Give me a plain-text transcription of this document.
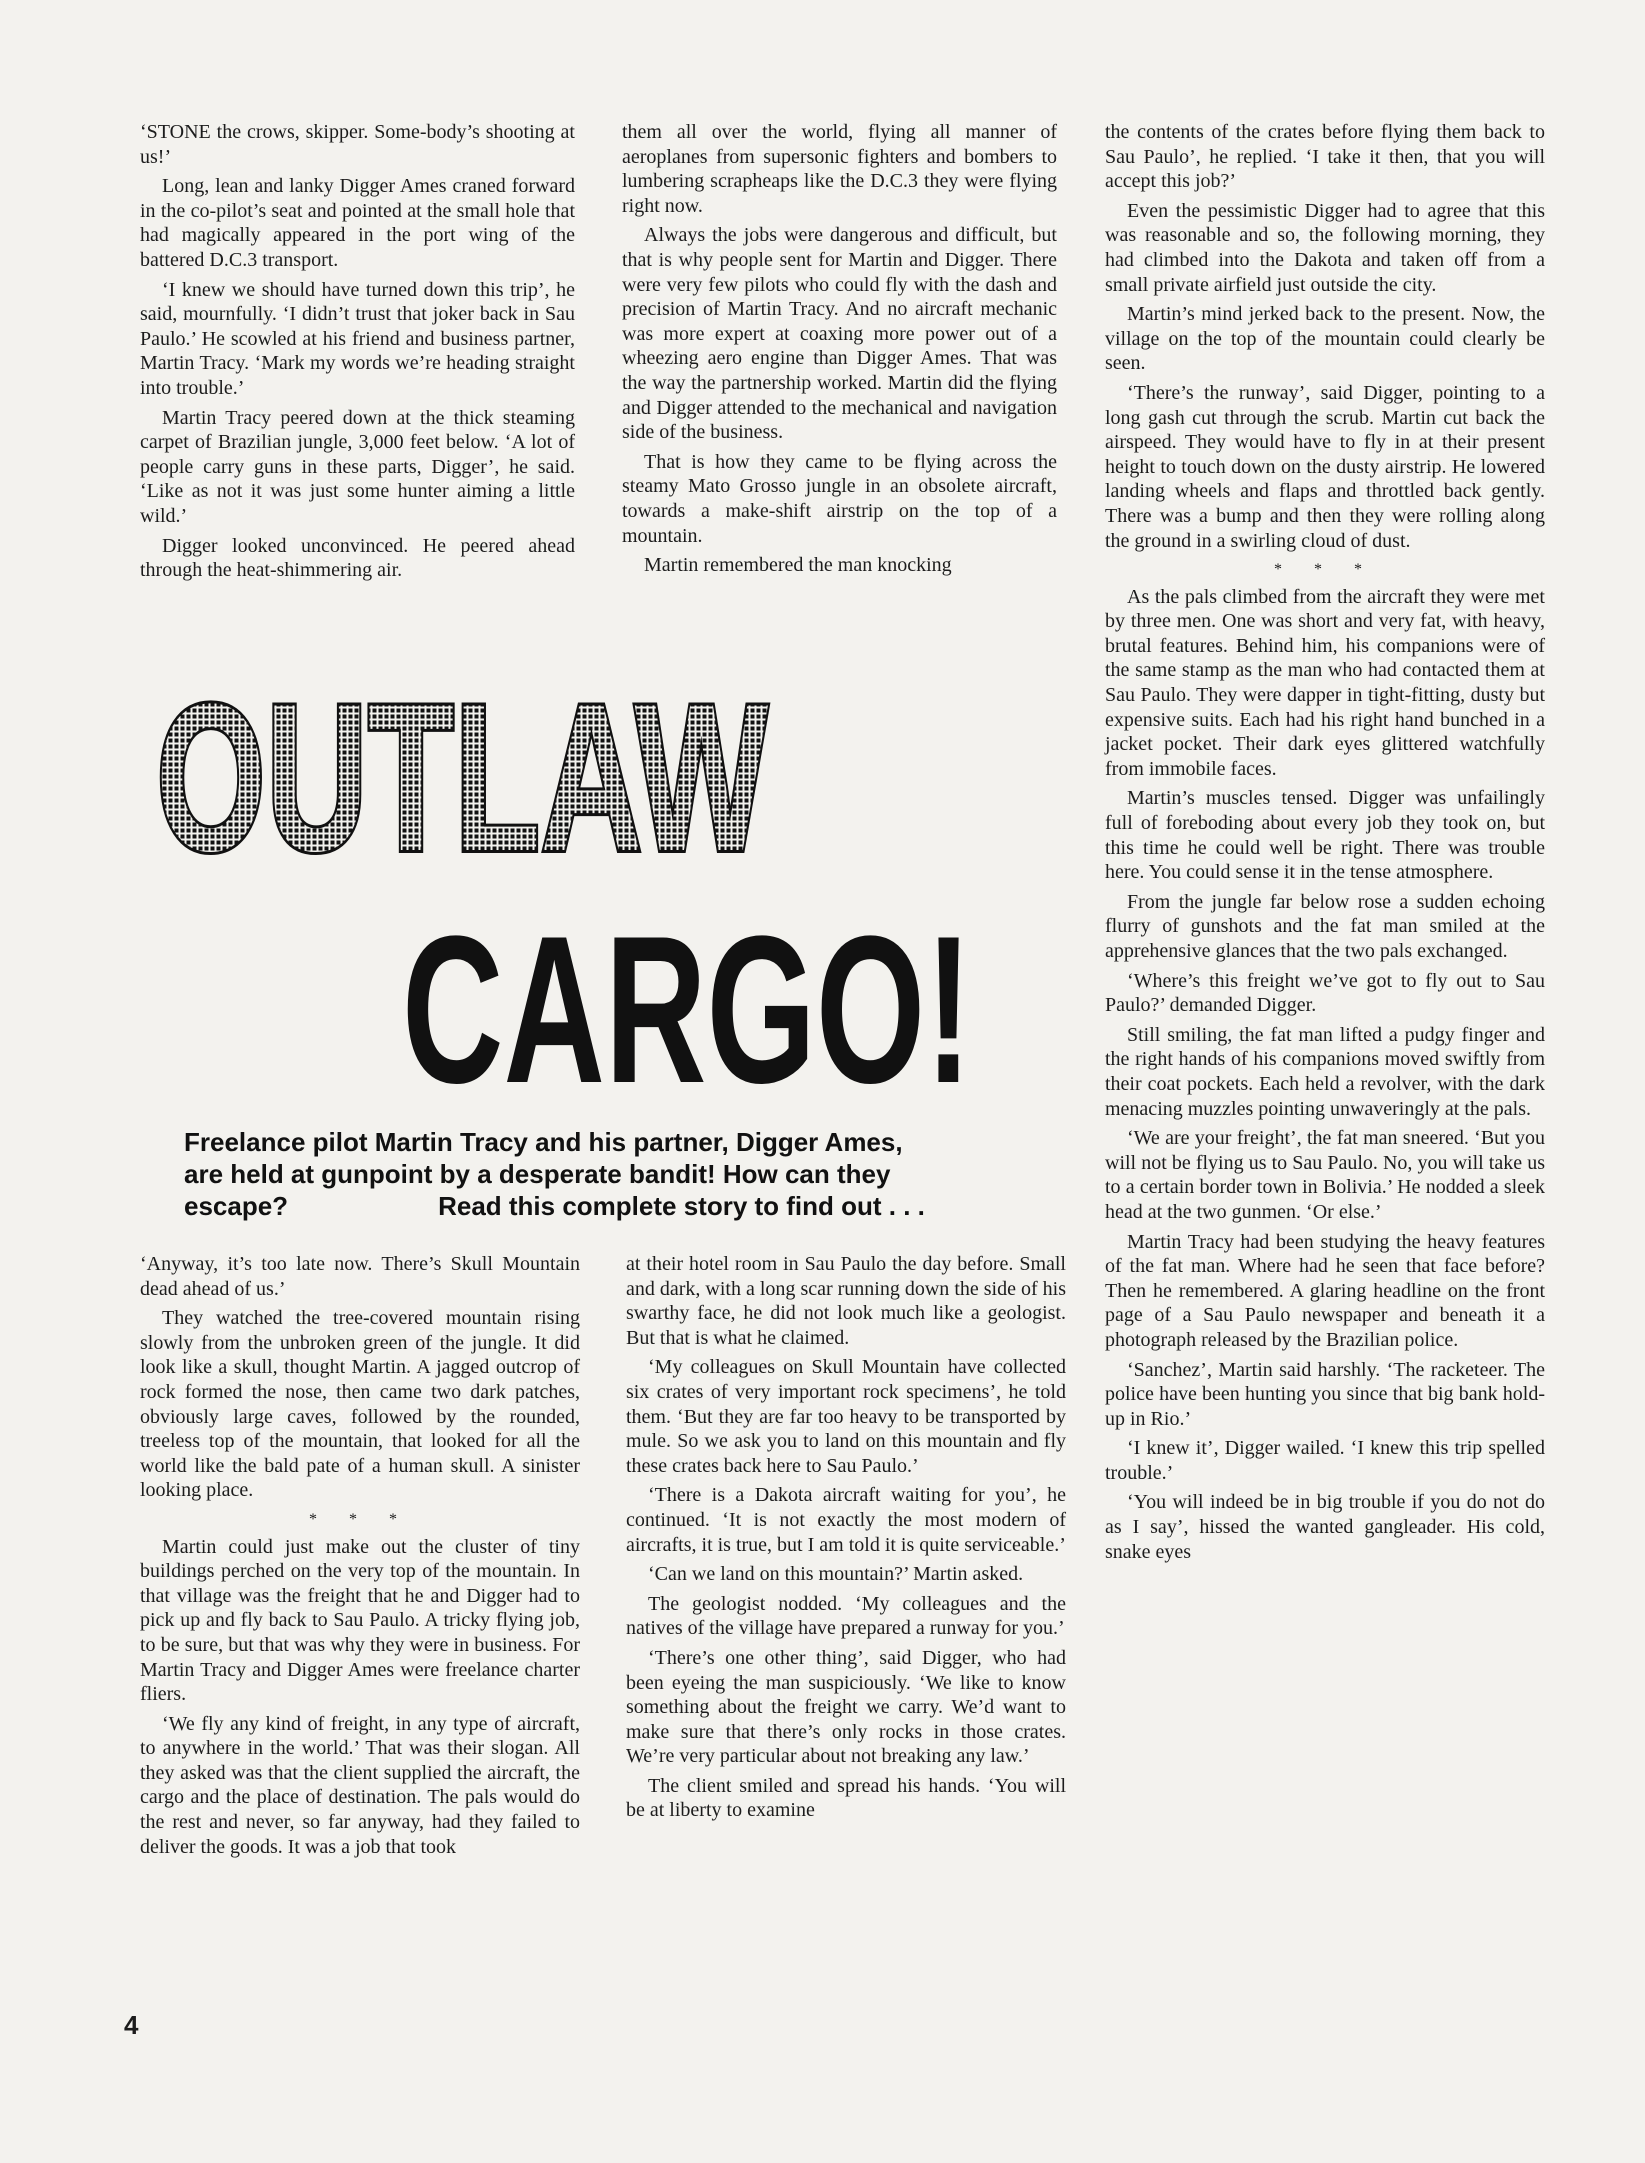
‘STONE the crows, skipper. Some-body’s shooting at us!’

Long, lean and lanky Digger Ames craned forward in the co-pilot’s seat and pointed at the small hole that had magically appeared in the port wing of the battered D.C.3 transport.

‘I knew we should have turned down this trip’, he said, mournfully. ‘I didn’t trust that joker back in Sau Paulo.’ He scowled at his friend and business partner, Martin Tracy. ‘Mark my words we’re heading straight into trouble.’

Martin Tracy peered down at the thick steaming carpet of Brazilian jungle, 3,000 feet below. ‘A lot of people carry guns in these parts, Digger’, he said. ‘Like as not it was just some hunter aiming a little wild.’

Digger looked unconvinced. He peered ahead through the heat-shimmering air.

them all over the world, flying all manner of aeroplanes from supersonic fighters and bombers to lumbering scrapheaps like the D.C.3 they were flying right now.

Always the jobs were dangerous and difficult, but that is why people sent for Martin and Digger. There were very few pilots who could fly with the dash and precision of Martin Tracy. And no aircraft mechanic was more expert at coaxing more power out of a wheezing aero engine than Digger Ames. That was the way the partnership worked. Martin did the flying and Digger attended to the mechanical and navigation side of the business.

That is how they came to be flying across the steamy Mato Grosso jungle in an obsolete aircraft, towards a make-shift airstrip on the top of a mountain.

Martin remembered the man knocking

the contents of the crates before flying them back to Sau Paulo’, he replied. ‘I take it then, that you will accept this job?’

Even the pessimistic Digger had to agree that this was reasonable and so, the following morning, they had climbed into the Dakota and taken off from a small private airfield just outside the city.

Martin’s mind jerked back to the present. Now, the village on the top of the mountain could clearly be seen.

‘There’s the runway’, said Digger, pointing to a long gash cut through the scrub. Martin cut back the airspeed. They would have to fly in at their present height to touch down on the dusty airstrip. He lowered landing wheels and flaps and throttled back gently. There was a bump and then they were rolling along the ground in a swirling cloud of dust.

* * *

As the pals climbed from the aircraft they were met by three men. One was short and very fat, with heavy, brutal features. Behind him, his companions were of the same stamp as the man who had contacted them at Sau Paulo. They were dapper in tight-fitting, dusty but expensive suits. Each had his right hand bunched in a jacket pocket. Their dark eyes glittered watchfully from immobile faces.

Martin’s muscles tensed. Digger was unfailingly full of foreboding about every job they took on, but this time he could well be right. There was trouble here. You could sense it in the tense atmosphere.

From the jungle far below rose a sudden echoing flurry of gunshots and the fat man smiled at the apprehensive glances that the two pals exchanged.

‘Where’s this freight we’ve got to fly out to Sau Paulo?’ demanded Digger.

Still smiling, the fat man lifted a pudgy finger and the right hands of his companions moved swiftly from their coat pockets. Each held a revolver, with the dark menacing muzzles pointing unwaveringly at the pals.

‘We are your freight’, the fat man sneered. ‘But you will not be flying us to Sau Paulo. No, you will take us to a certain border town in Bolivia.’ He nodded a sleek head at the two gunmen. ‘Or else.’

Martin Tracy had been studying the heavy features of the fat man. Where had he seen that face before? Then he remembered. A glaring headline on the front page of a Sau Paulo newspaper and beneath it a photograph released by the Brazilian police.

‘Sanchez’, Martin said harshly. ‘The racketeer. The police have been hunting you since that big bank hold-up in Rio.’

‘I knew it’, Digger wailed. ‘I knew this trip spelled trouble.’

‘You will indeed be in big trouble if you do not do as I say’, hissed the wanted gangleader. His cold, snake eyes

OUTLAW
CARGO!
Freelance pilot Martin Tracy and his partner, Digger Ames,
are held at gunpoint by a desperate bandit! How can they
escape?	Read this complete story to find out . . .

‘Anyway, it’s too late now. There’s Skull Mountain dead ahead of us.’

They watched the tree-covered mountain rising slowly from the unbroken green of the jungle. It did look like a skull, thought Martin. A jagged outcrop of rock formed the nose, then came two dark patches, obviously large caves, followed by the rounded, treeless top of the mountain, that looked for all the world like the bald pate of a human skull. A sinister looking place.

* * *

Martin could just make out the cluster of tiny buildings perched on the very top of the mountain. In that village was the freight that he and Digger had to pick up and fly back to Sau Paulo. A tricky flying job, to be sure, but that was why they were in business. For Martin Tracy and Digger Ames were freelance charter fliers.

‘We fly any kind of freight, in any type of aircraft, to anywhere in the world.’ That was their slogan. All they asked was that the client supplied the aircraft, the cargo and the place of destination. The pals would do the rest and never, so far anyway, had they failed to deliver the goods. It was a job that took

at their hotel room in Sau Paulo the day before. Small and dark, with a long scar running down the side of his swarthy face, he did not look much like a geologist. But that is what he claimed.

‘My colleagues on Skull Mountain have collected six crates of very important rock specimens’, he told them. ‘But they are far too heavy to be transported by mule. So we ask you to land on this mountain and fly these crates back here to Sau Paulo.’

‘There is a Dakota aircraft waiting for you’, he continued. ‘It is not exactly the most modern of aircrafts, it is true, but I am told it is quite serviceable.’

‘Can we land on this mountain?’ Martin asked.

The geologist nodded. ‘My colleagues and the natives of the village have prepared a runway for you.’

‘There’s one other thing’, said Digger, who had been eyeing the man suspiciously. ‘We like to know something about the freight we carry. We’d want to make sure that there’s only rocks in those crates. We’re very particular about not breaking any law.’

The client smiled and spread his hands. ‘You will be at liberty to examine

4
